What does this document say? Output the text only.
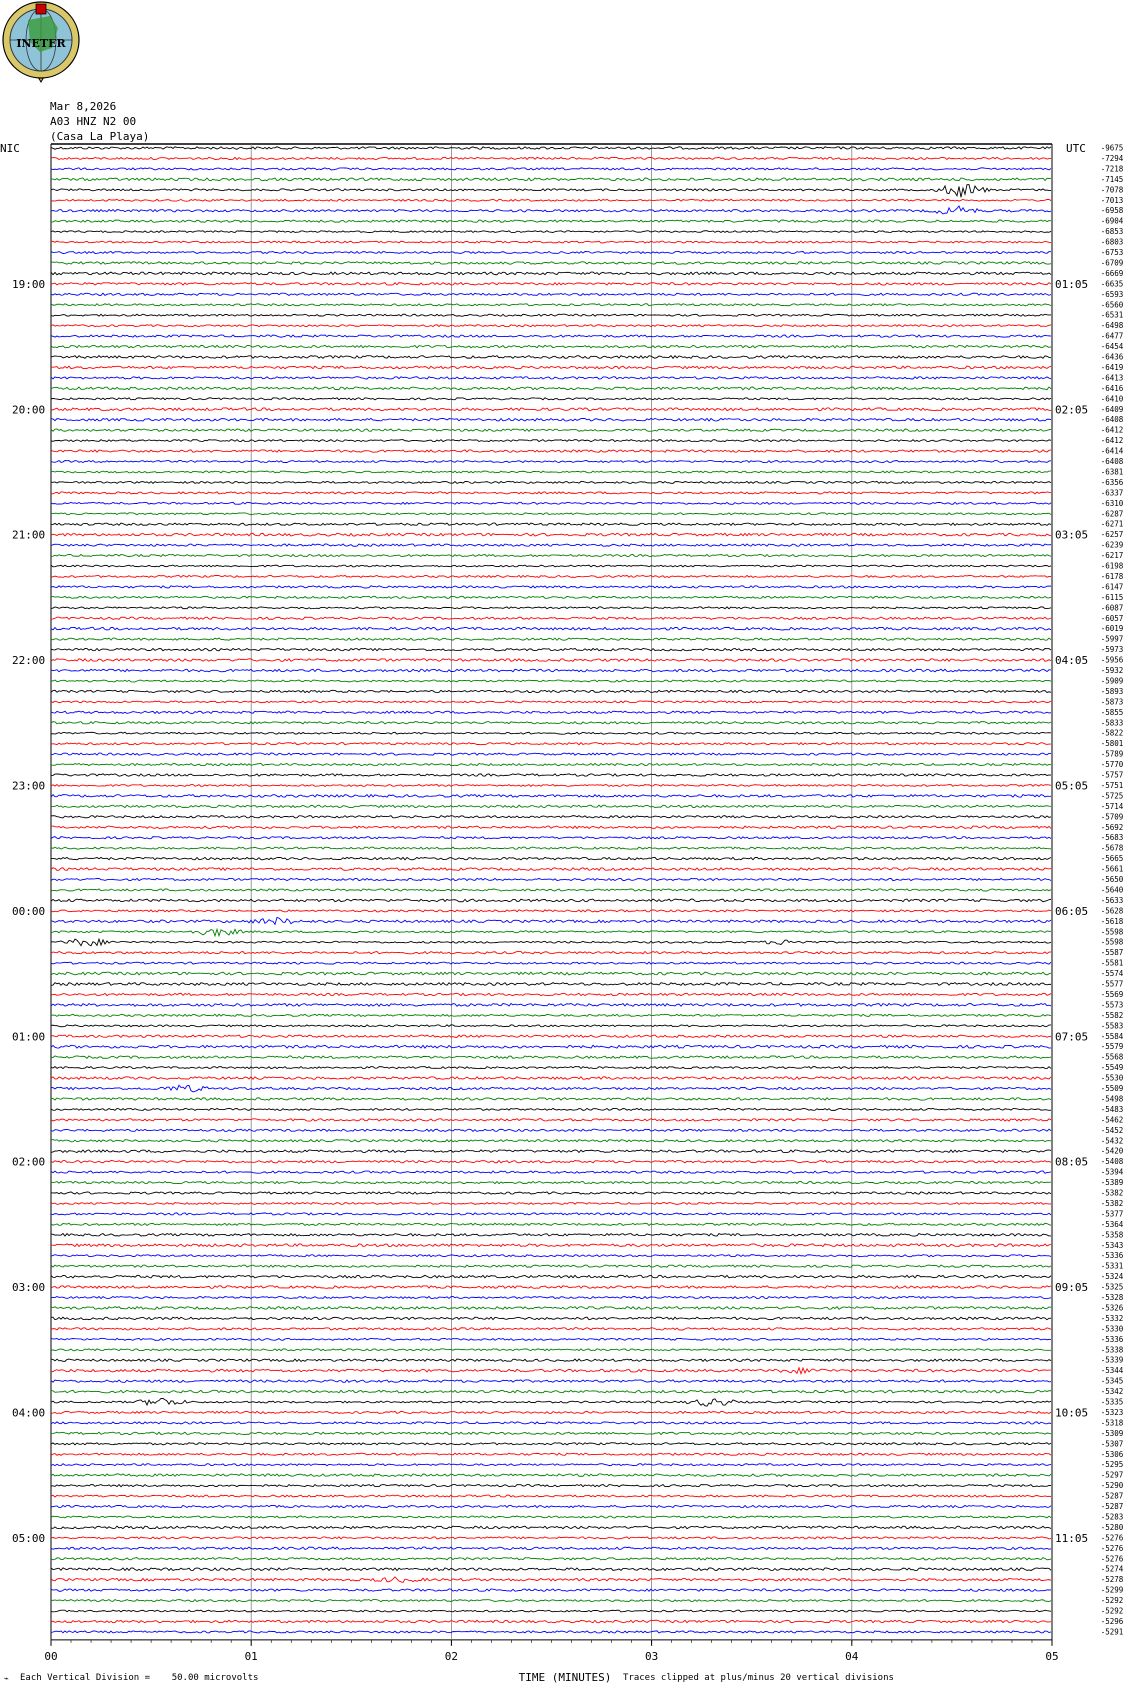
INETER
Mar 8,2026
A03 HNZ N2 00
(Casa La Playa)
-9675
-7294
-7218
-7145
-7078
-7013
-6958
-6904
-6853
-6803
-6753
-6709
-6669
-6635
-6593
-6560
-6531
-6498
-6477
-6454
-6436
-6419
-6413
-6416
-6410
-6409
-6408
-6412
-6412
-6414
-6408
-6381
-6356
-6337
-6310
-6287
-6271
-6257
-6239
-6217
-6198
-6178
-6147
-6115
-6087
-6057
-6019
-5997
-5973
-5956
-5932
-5909
-5893
-5873
-5855
-5833
-5822
-5801
-5789
-5770
-5757
-5751
-5725
-5714
-5709
-5692
-5683
-5678
-5665
-5661
-5650
-5640
-5633
-5628
-5618
-5598
-5598
-5587
-5581
-5574
-5577
-5569
-5573
-5582
-5583
-5584
-5579
-5568
-5549
-5530
-5509
-5498
-5483
-5462
-5452
-5432
-5420
-5408
-5394
-5389
-5382
-5382
-5377
-5364
-5358
-5343
-5336
-5331
-5324
-5325
-5328
-5326
-5332
-5330
-5336
-5338
-5339
-5344
-5345
-5342
-5335
-5323
-5318
-5309
-5307
-5306
-5295
-5297
-5290
-5287
-5287
-5283
-5280
-5276
-5276
-5276
-5274
-5278
-5299
-5292
-5292
-5296
-5291
NIC	UTC
19:00
20:00
21:00
22:00
23:00
00:00
01:00
02:00
03:00
04:00
05:00
01:05
02:05
03:05
04:05
05:05
06:05
07:05
08:05
09:05
10:05
11:05
00	01	02	03	04	05
TIME (MINUTES)
⌁ Each Vertical Division =    50.00 microvolts	Traces clipped at plus/minus 20 vertical divisions
